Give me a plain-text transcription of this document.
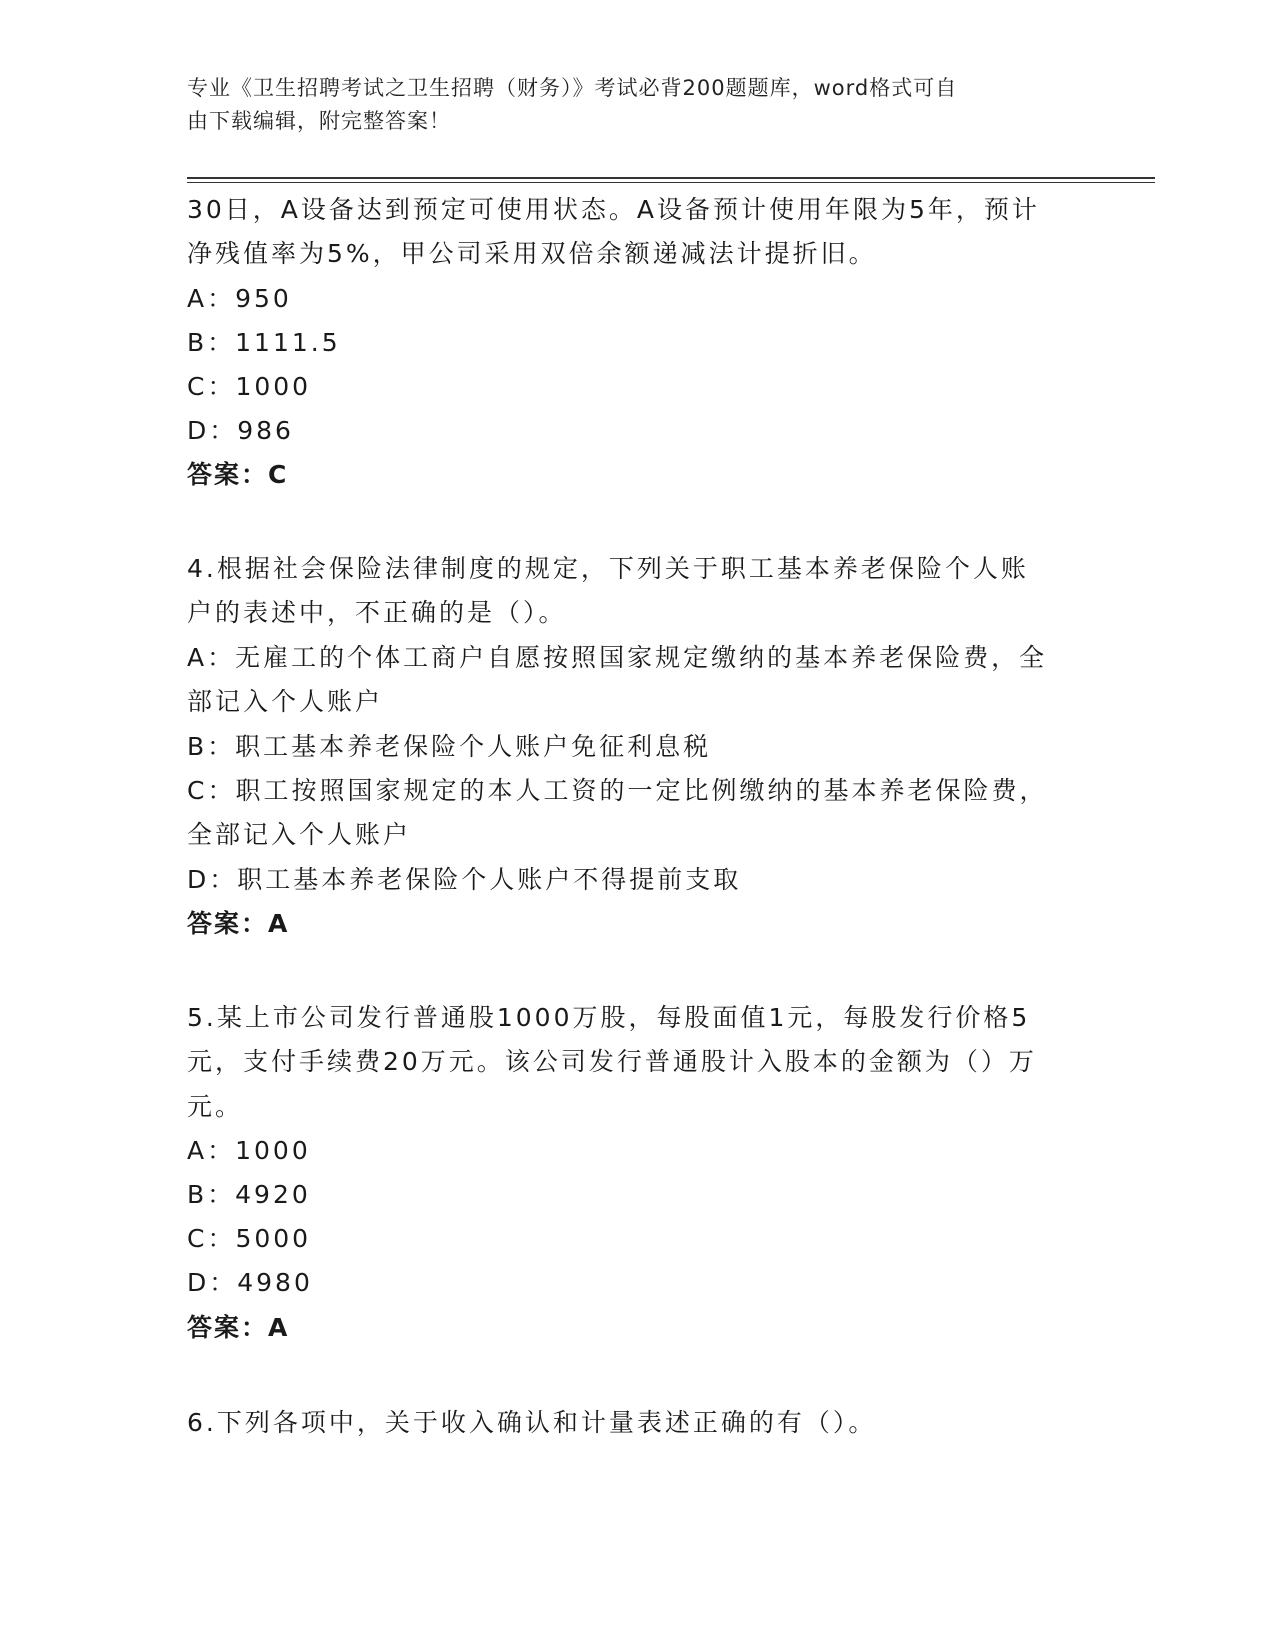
专业《卫生招聘考试之卫生招聘（财务）》考试必背200题题库，word格式可自
由下载编辑，附完整答案！
30日，A设备达到预定可使用状态。A设备预计使用年限为5年，预计
净残值率为5%，甲公司采用双倍余额递减法计提折旧。
A：950
B：1111.5
C：1000
D：986
答案：C
4.根据社会保险法律制度的规定，下列关于职工基本养老保险个人账
户的表述中，不正确的是（）。
A：无雇工的个体工商户自愿按照国家规定缴纳的基本养老保险费，全
部记入个人账户
B：职工基本养老保险个人账户免征利息税
C：职工按照国家规定的本人工资的一定比例缴纳的基本养老保险费，
全部记入个人账户
D：职工基本养老保险个人账户不得提前支取
答案：A
5.某上市公司发行普通股1000万股，每股面值1元，每股发行价格5
元，支付手续费20万元。该公司发行普通股计入股本的金额为（）万
元。
A：1000
B：4920
C：5000
D：4980
答案：A
6.下列各项中，关于收入确认和计量表述正确的有（）。
